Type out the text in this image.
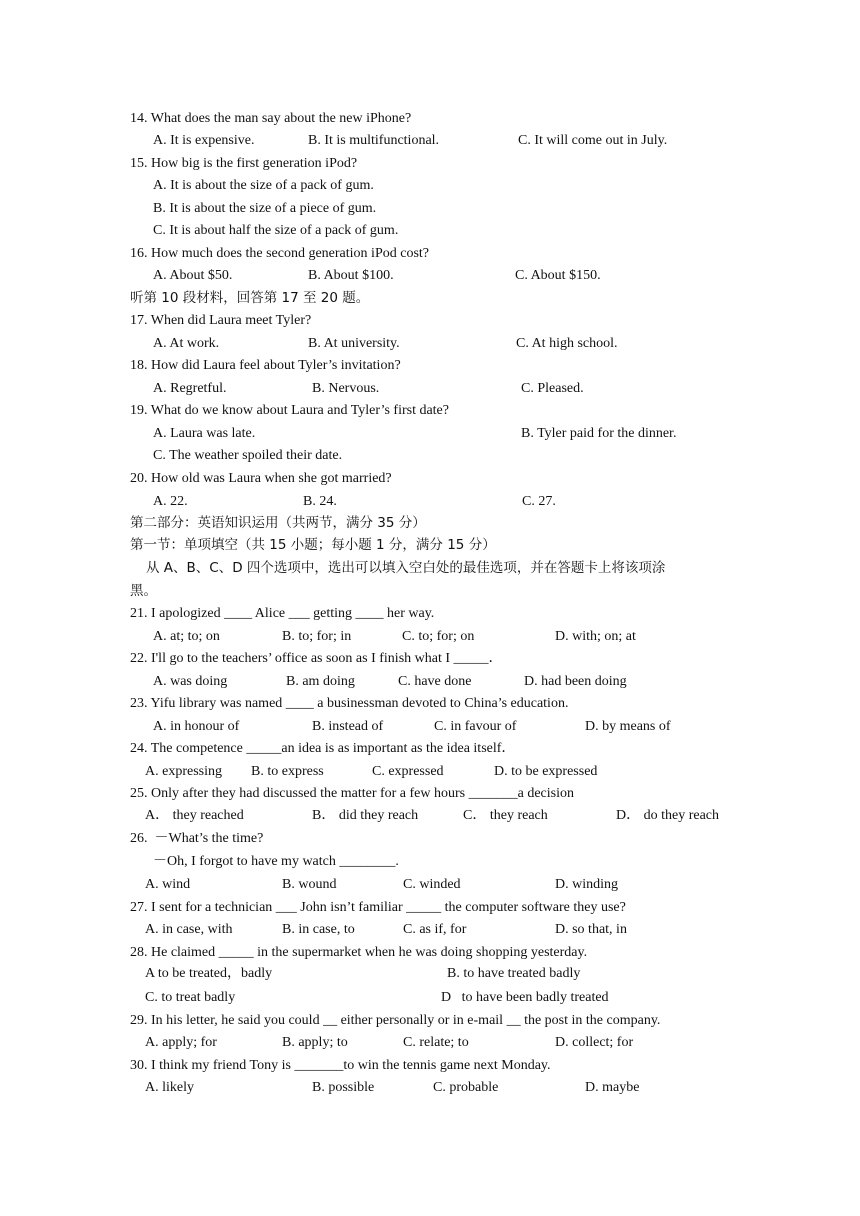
14. What does the man say about the new iPhone?
A. It is expensive.	B. It is multifunctional.	C. It will come out in July.
15. How big is the first generation iPod?
A. It is about the size of a pack of gum.
B. It is about the size of a piece of gum.
C. It is about half the size of a pack of gum.
16. How much does the second generation iPod cost?
A. About $50.	B. About $100.	C. About $150.
听第 10 段材料，回答第 17 至 20 题。
17. When did Laura meet Tyler?
A. At work.	B. At university.	C. At high school.
18. How did Laura feel about Tyler’s invitation?
A. Regretful.	B. Nervous.	C. Pleased.
19. What do we know about Laura and Tyler’s first date?
A. Laura was late.	B. Tyler paid for the dinner.
C. The weather spoiled their date.
20. How old was Laura when she got married?
A. 22.	B. 24.	C. 27.
第二部分：英语知识运用（共两节，满分 35 分）
第一节：单项填空（共 15 小题；每小题 1 分，满分 15 分）
从 A、B、C、D 四个选项中，选出可以填入空白处的最佳选项，并在答题卡上将该项涂
黑。
21. I apologized ____ Alice ___ getting ____ her way.
A. at; to; on	B. to; for; in	C. to; for; on	D. with; on; at
22. I'll go to the teachers’ office as soon as I finish what I _____．
A. was doing	B. am doing	C. have done	D. had been doing
23. Yifu library was named ____ a businessman devoted to China’s education.
A. in honour of	B. instead of	C. in favour of	D. by means of
24. The competence _____an idea is as important as the idea itself．
A. expressing B. to express	C. expressed	D. to be expressed
25. Only after they had discussed the matter for a few hours _______a decision
A． they reached	B． did they reach	C． they reach	D． do they reach
26.  －What’s the time?
－Oh, I forgot to have my watch ________.
A. wind	B. wound	C. winded	D. winding
27. I sent for a technician ___ John isn’t familiar _____ the computer software they use?
A. in case, with	B. in case, to	C. as if, for	D. so that, in
28. He claimed _____ in the supermarket when he was doing shopping yesterday.
A to be treated，badly	B. to have treated badly
C. to treat badly	D   to have been badly treated
29. In his letter, he said you could __ either personally or in e-mail __ the post in the company.
A. apply; for	B. apply; to	C. relate; to	D. collect; for
30. I think my friend Tony is _______to win the tennis game next Monday.
A. likely	B. possible	C. probable	D. maybe
